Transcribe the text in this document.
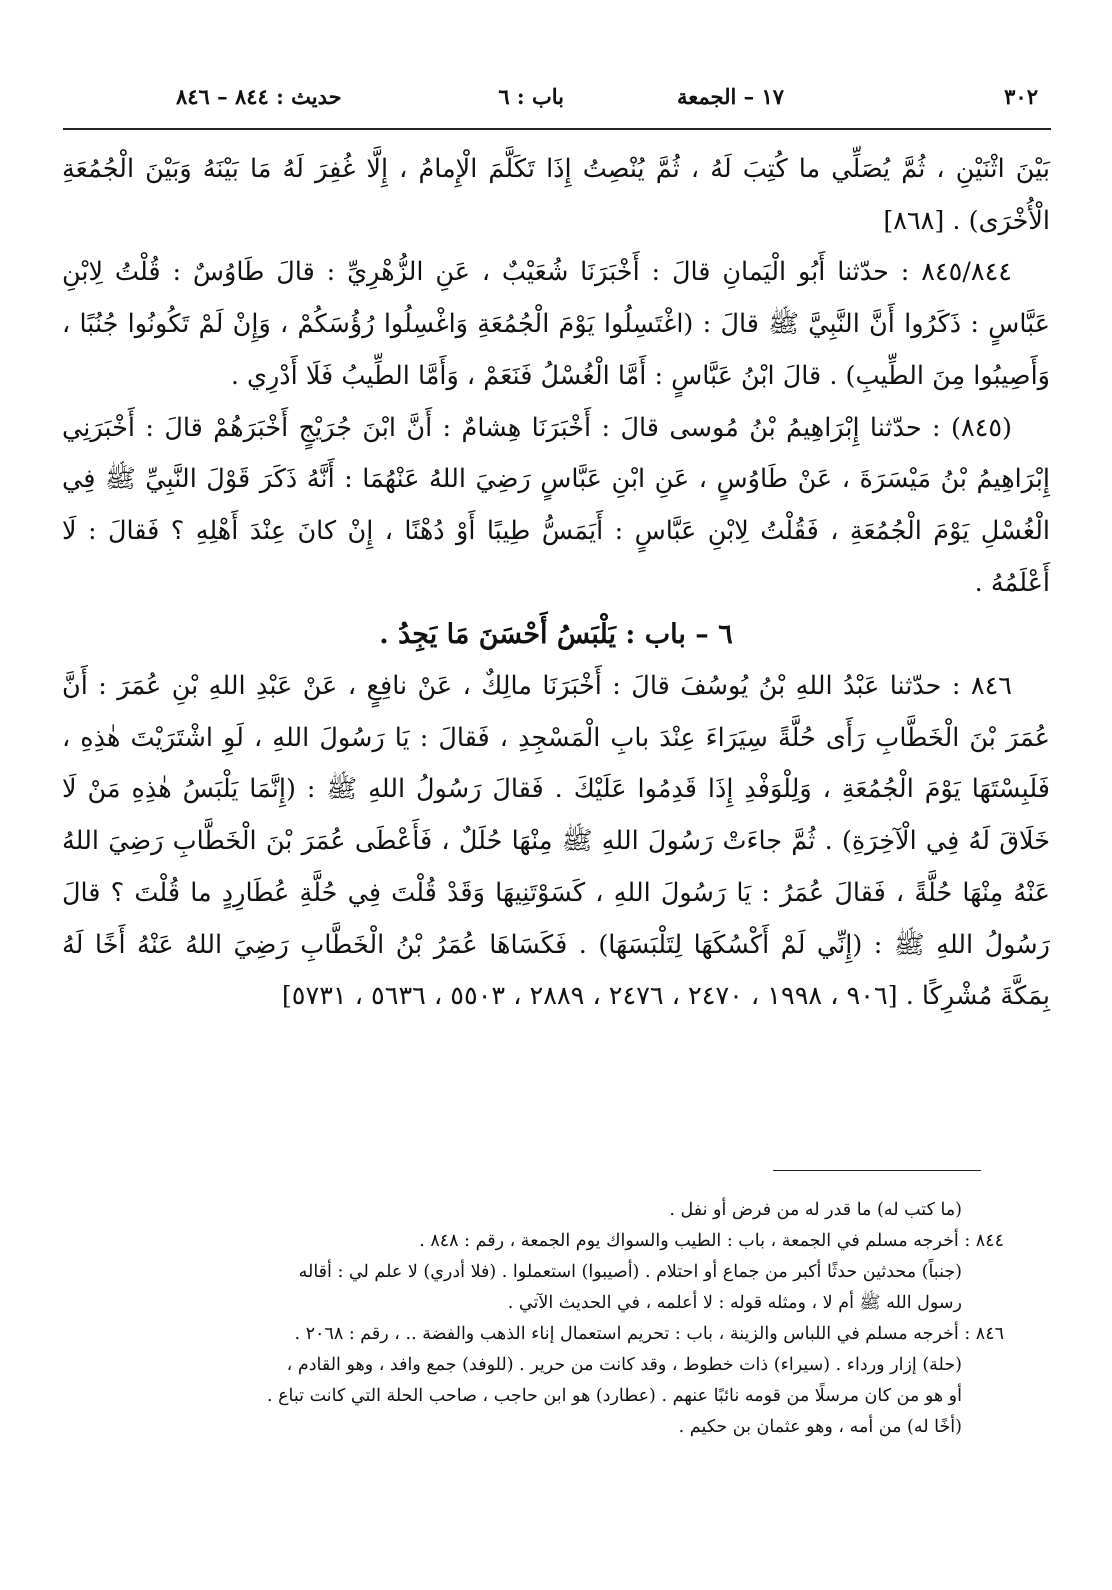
٣٠٢
١٧ – الجمعة
باب : ٦
حديث : ٨٤٤ – ٨٤٦

بَيْنَ اثْنَيْنِ ، ثُمَّ يُصَلِّي ما كُتِبَ لَهُ ، ثُمَّ يُنْصِتُ إِذَا تَكَلَّمَ الْإِمامُ ، إِلَّا غُفِرَ لَهُ مَا بَيْنَهُ وَبَيْنَ الْجُمُعَةِ الْأُخْرَى) . [٨٦٨]

٨٤٥/٨٤٤ : حدّثنا أَبُو الْيَمانِ قالَ : أَخْبَرَنَا شُعَيْبٌ ، عَنِ الزُّهْرِيِّ : قالَ طَاوُسٌ : قُلْتُ لِابْنِ عَبَّاسٍ : ذَكَرُوا أَنَّ النَّبِيَّ ﷺ قالَ : (اغْتَسِلُوا يَوْمَ الْجُمُعَةِ وَاغْسِلُوا رُؤُسَكُمْ ، وَإِنْ لَمْ تَكُونُوا جُنُبًا ، وَأَصِيبُوا مِنَ الطِّيبِ) . قالَ ابْنُ عَبَّاسٍ : أَمَّا الْغُسْلُ فَنَعَمْ ، وَأَمَّا الطِّيبُ فَلَا أَدْرِي .

(٨٤٥) : حدّثنا إِبْرَاهِيمُ بْنُ مُوسى قالَ : أَخْبَرَنَا هِشامٌ : أَنَّ ابْنَ جُرَيْجٍ أَخْبَرَهُمْ قالَ : أَخْبَرَنِي إِبْرَاهِيمُ بْنُ مَيْسَرَةَ ، عَنْ طَاوُسٍ ، عَنِ ابْنِ عَبَّاسٍ رَضِيَ اللهُ عَنْهُمَا : أَنَّهُ ذَكَرَ قَوْلَ النَّبِيِّ ﷺ فِي الْغُسْلِ يَوْمَ الْجُمُعَةِ ، فَقُلْتُ لِابْنِ عَبَّاسٍ : أَيَمَسُّ طِيبًا أَوْ دُهْنًا ، إِنْ كانَ عِنْدَ أَهْلِهِ ؟ فَقالَ : لَا أَعْلَمُهُ .

٦ – باب : يَلْبَسُ أَحْسَنَ مَا يَجِدُ .

٨٤٦ : حدّثنا عَبْدُ اللهِ بْنُ يُوسُفَ قالَ : أَخْبَرَنَا مالِكٌ ، عَنْ نافِعٍ ، عَنْ عَبْدِ اللهِ بْنِ عُمَرَ : أَنَّ عُمَرَ بْنَ الْخَطَّابِ رَأَى حُلَّةً سِيَرَاءَ عِنْدَ بابِ الْمَسْجِدِ ، فَقالَ : يَا رَسُولَ اللهِ ، لَوِ اشْتَرَيْتَ هٰذِهِ ، فَلَبِسْتَهَا يَوْمَ الْجُمُعَةِ ، وَلِلْوَفْدِ إِذَا قَدِمُوا عَلَيْكَ . فَقالَ رَسُولُ اللهِ ﷺ : (إِنَّمَا يَلْبَسُ هٰذِهِ مَنْ لَا خَلَاقَ لَهُ فِي الْآخِرَةِ) . ثُمَّ جاءَتْ رَسُولَ اللهِ ﷺ مِنْهَا حُلَلٌ ، فَأَعْطَى عُمَرَ بْنَ الْخَطَّابِ رَضِيَ اللهُ عَنْهُ مِنْهَا حُلَّةً ، فَقالَ عُمَرُ : يَا رَسُولَ اللهِ ، كَسَوْتَنِيهَا وَقَدْ قُلْتَ فِي حُلَّةِ عُطَارِدٍ ما قُلْتَ ؟ قالَ رَسُولُ اللهِ ﷺ : (إِنِّي لَمْ أَكْسُكَهَا لِتَلْبَسَهَا) . فَكَسَاهَا عُمَرُ بْنُ الْخَطَّابِ رَضِيَ اللهُ عَنْهُ أَخًا لَهُ بِمَكَّةَ مُشْرِكًا . [٩٠٦ ، ١٩٩٨ ، ٢٤٧٠ ، ٢٤٧٦ ، ٢٨٨٩ ، ٥٥٠٣ ، ٥٦٣٦ ، ٥٧٣١]

(ما كتب له) ما قدر له من فرض أو نفل .

٨٤٤ : أخرجه مسلم في الجمعة ، باب : الطيب والسواك يوم الجمعة ، رقم : ٨٤٨ .

(جنباً) محدثين حدثًا أكبر من جماع أو احتلام . (أصيبوا) استعملوا . (فلا أدري) لا علم لي : أقاله

رسول الله ﷺ أم لا ، ومثله قوله : لا أعلمه ، في الحديث الآتي .

٨٤٦ : أخرجه مسلم في اللباس والزينة ، باب : تحريم استعمال إناء الذهب والفضة .. ، رقم : ٢٠٦٨ .

(حلة) إزار ورداء . (سيراء) ذات خطوط ، وقد كانت من حرير . (للوفد) جمع وافد ، وهو القادم ،

أو هو من كان مرسلًا من قومه نائبًا عنهم . (عطارد) هو ابن حاجب ، صاحب الحلة التي كانت تباع .

(أخًا له) من أمه ، وهو عثمان بن حكيم .
